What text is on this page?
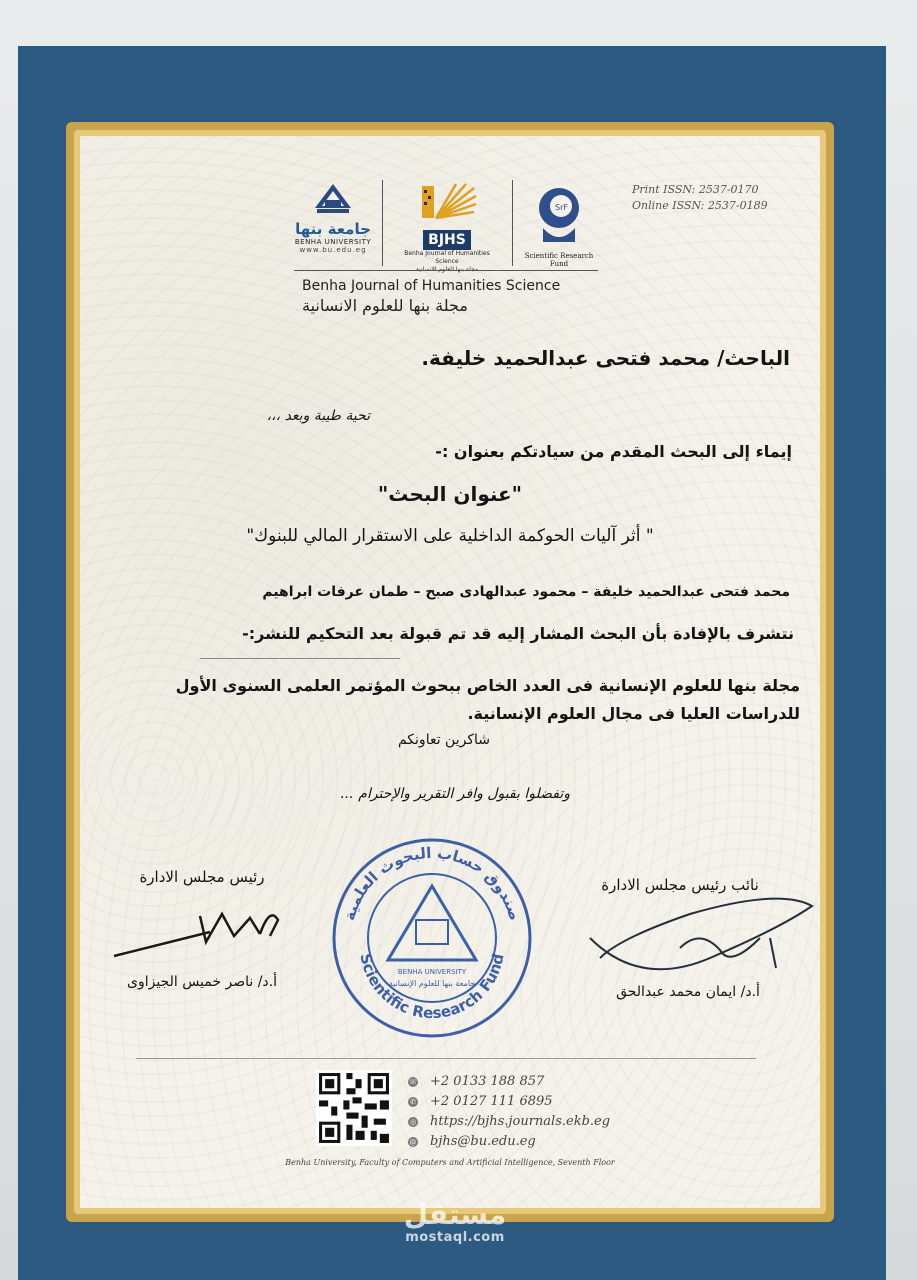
جامعة بنها
BENHA UNIVERSITY
www.bu.edu.eg
BJHS
Benha Journal of Humanities Science
SrF
Scientific Research Fund
Print ISSN: 2537-0170
Online ISSN: 2537-0189
Benha Journal of Humanities Science
مجلة بنها للعلوم الانسانية
الباحث/ محمد فتحى عبدالحميد خليفة.
تحية طيبة وبعد ،،،
إيماء إلى البحث المقدم من سيادتكم بعنوان :-
"عنوان البحث"
" أثر آليات الحوكمة الداخلية على الاستقرار المالي للبنوك"
محمد فتحى عبدالحميد خليفة – محمود عبدالهادى صبح – طمان عرفات ابراهيم
نتشرف بالإفادة بأن البحث المشار إليه قد تم قبولة بعد التحكيم للنشر:-
مجلة بنها للعلوم الإنسانية فى العدد الخاص ببحوث المؤتمر العلمى السنوى الأول
للدراسات العليا فى مجال العلوم الإنسانية.
شاكرين تعاونكم
وتفضلوا بقبول وافر التقرير والإحترام ...
رئيس مجلس الادارة
أ.د/ ناصر خميس الجيزاوى
نائب رئيس مجلس الادارة
أ.د/ ايمان محمد عبدالحق
صندوق حساب البحوث العلمية
Scientific Research Fund
BENHA UNIVERSITY
جامعة بنها للعلوم الإنسانية
☏ +2 0133 188 857
✆ +2 0127 111 6895
◎ https://bjhs.journals.ekb.eg
@ bjhs@bu.edu.eg
Benha University, Faculty of Computers and Artificial Intelligence, Seventh Floor
مستقل
mostaql.com
